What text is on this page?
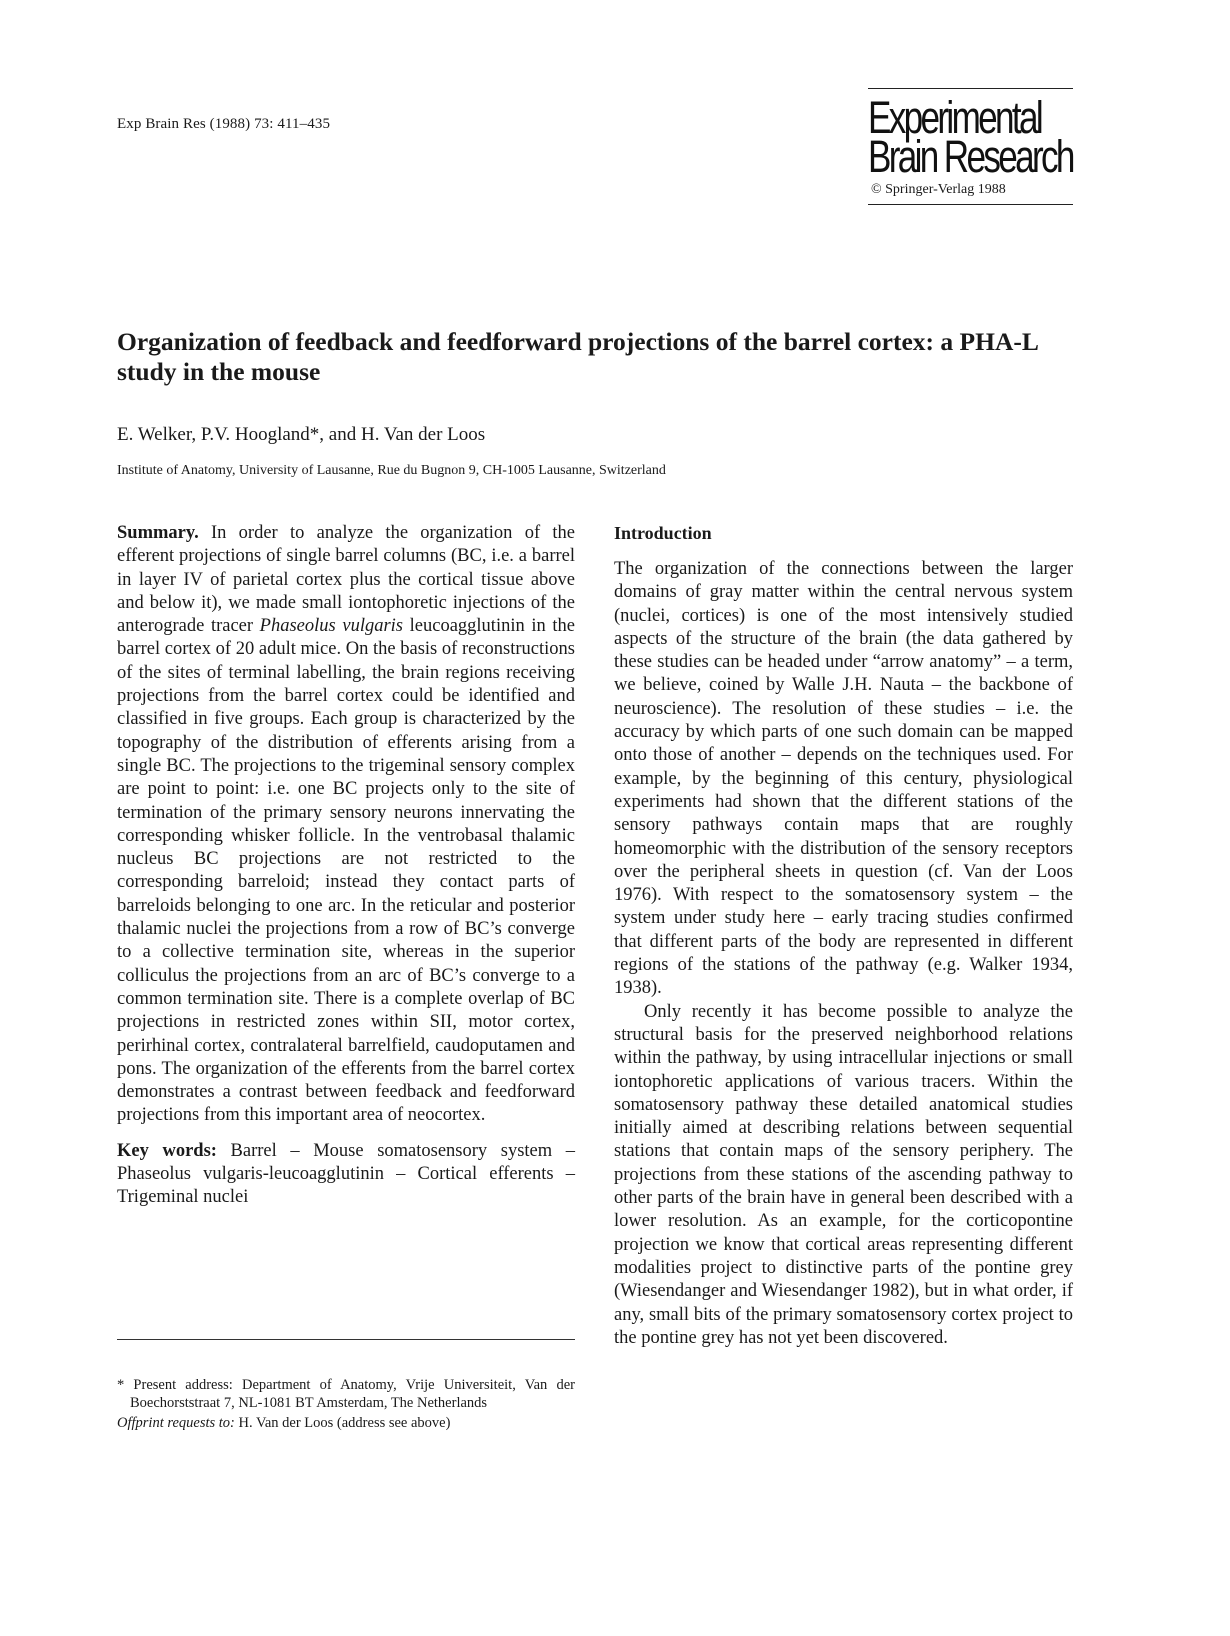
Exp Brain Res (1988) 73: 411–435	Experimental
Brain Research
© Springer-Verlag 1988
Organization of feedback and feedforward projections of the barrel cortex: a PHA-L study in the mouse
E. Welker, P.V. Hoogland*, and H. Van der Loos
Institute of Anatomy, University of Lausanne, Rue du Bugnon 9, CH-1005 Lausanne, Switzerland

Summary. In order to analyze the organization of the efferent projections of single barrel columns (BC, i.e. a barrel in layer IV of parietal cortex plus the cortical tissue above and below it), we made small iontophoretic injections of the anterograde tracer Phaseolus vulgaris leucoagglutinin in the barrel cortex of 20 adult mice. On the basis of reconstructions of the sites of terminal labelling, the brain regions receiving projections from the barrel cortex could be identified and classified in five groups. Each group is characterized by the topography of the distribution of efferents arising from a single BC. The projections to the trigeminal sensory complex are point to point: i.e. one BC projects only to the site of termination of the primary sensory neurons innervating the corresponding whisker follicle. In the ventrobasal thalamic nucleus BC projections are not restricted to the corresponding barreloid; instead they contact parts of barreloids belonging to one arc. In the reticular and posterior thalamic nuclei the projections from a row of BC’s converge to a collective termination site, whereas in the superior colliculus the projections from an arc of BC’s converge to a common termination site. There is a complete overlap of BC projections in restricted zones within SII, motor cortex, perirhinal cortex, contralateral barrelfield, caudoputamen and pons. The organization of the efferents from the barrel cortex demonstrates a contrast between feedback and feedforward projections from this important area of neocortex.

Key words: Barrel – Mouse somatosensory system – Phaseolus vulgaris-leucoagglutinin – Cortical efferents – Trigeminal nuclei

* Present address: Department of Anatomy, Vrije Universiteit, Van der Boechorststraat 7, NL-1081 BT Amsterdam, The Netherlands
Offprint requests to: H. Van der Loos (address see above)
Introduction

The organization of the connections between the larger domains of gray matter within the central nervous system (nuclei, cortices) is one of the most intensively studied aspects of the structure of the brain (the data gathered by these studies can be headed under “arrow anatomy” – a term, we believe, coined by Walle J.H. Nauta – the backbone of neuroscience). The resolution of these studies – i.e. the accuracy by which parts of one such domain can be mapped onto those of another – depends on the techniques used. For example, by the beginning of this century, physiological experiments had shown that the different stations of the sensory pathways contain maps that are roughly homeomorphic with the distribution of the sensory receptors over the peripheral sheets in question (cf. Van der Loos 1976). With respect to the somatosensory system – the system under study here – early tracing studies confirmed that different parts of the body are represented in different regions of the stations of the pathway (e.g. Walker 1934, 1938).

Only recently it has become possible to analyze the structural basis for the preserved neighborhood relations within the pathway, by using intracellular injections or small iontophoretic applications of various tracers. Within the somatosensory pathway these detailed anatomical studies initially aimed at describing relations between sequential stations that contain maps of the sensory periphery. The projections from these stations of the ascending pathway to other parts of the brain have in general been described with a lower resolution. As an example, for the corticopontine projection we know that cortical areas representing different modalities project to distinctive parts of the pontine grey (Wiesendanger and Wiesendanger 1982), but in what order, if any, small bits of the primary somatosensory cortex project to the pontine grey has not yet been discovered.
